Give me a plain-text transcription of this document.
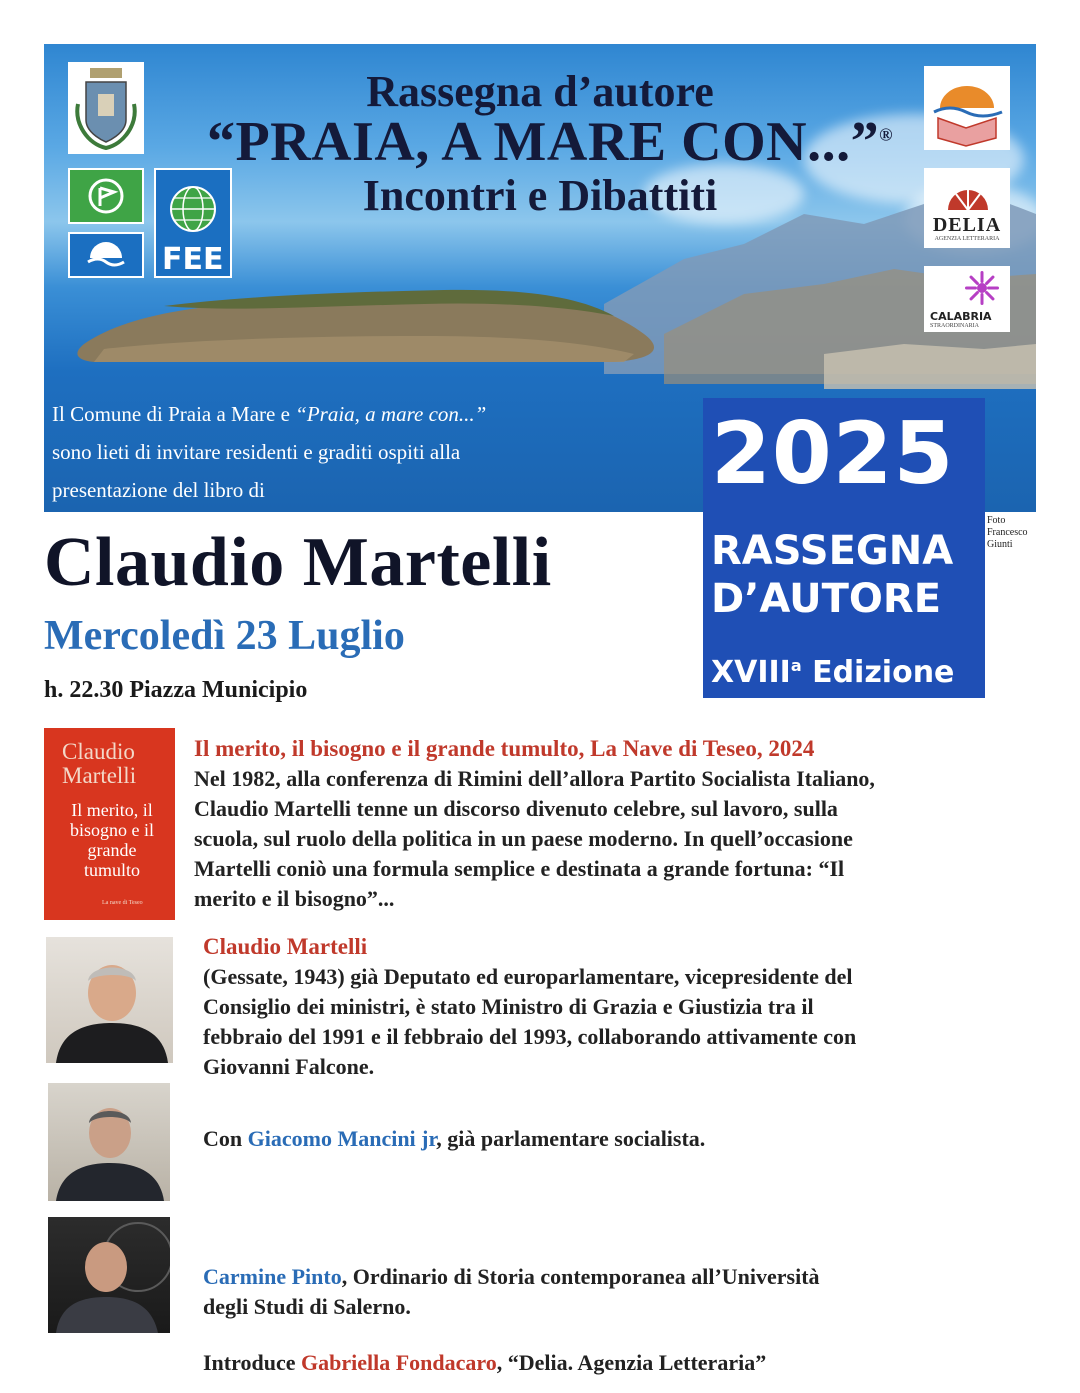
FEE
DELIA
AGENZIA LETTERARIA
CALABRIA
STRAORDINARIA
Rassegna d’autore
“PRAIA, A MARE CON...”®
Incontri e Dibattiti
Il Comune di Praia a Mare e “Praia, a mare con...”
sono lieti di invitare residenti e graditi ospiti alla
presentazione del libro di	2025
RASSEGNA
D’AUTORE
XVIII$^a$ Edizione
Foto
Francesco
Giunti
Claudio Martelli
Mercoledì 23 Luglio
h. 22.30 Piazza Municipio
Claudio Martelli
Il merito, il bisogno e il grande tumulto
La nave di Teseo
Il merito, il bisogno e il grande tumulto, La Nave di Teseo, 2024
Nel 1982, alla conferenza di Rimini dell’allora Partito Socialista Italiano,
Claudio Martelli tenne un discorso divenuto celebre, sul lavoro, sulla
scuola, sul ruolo della politica in un paese moderno. In quell’occasione
Martelli coniò una formula semplice e destinata a grande fortuna: “Il
merito e il bisogno”...
Claudio Martelli
(Gessate, 1943) già Deputato ed europarlamentare, vicepresidente del
Consiglio dei ministri, è stato Ministro di Grazia e Giustizia tra il
febbraio del 1991 e il febbraio del 1993, collaborando attivamente con
Giovanni Falcone.
Con Giacomo Mancini jr, già parlamentare socialista.
Carmine Pinto, Ordinario di Storia contemporanea all’Università
degli Studi di Salerno.
Introduce Gabriella Fondacaro, “Delia. Agenzia Letteraria”
